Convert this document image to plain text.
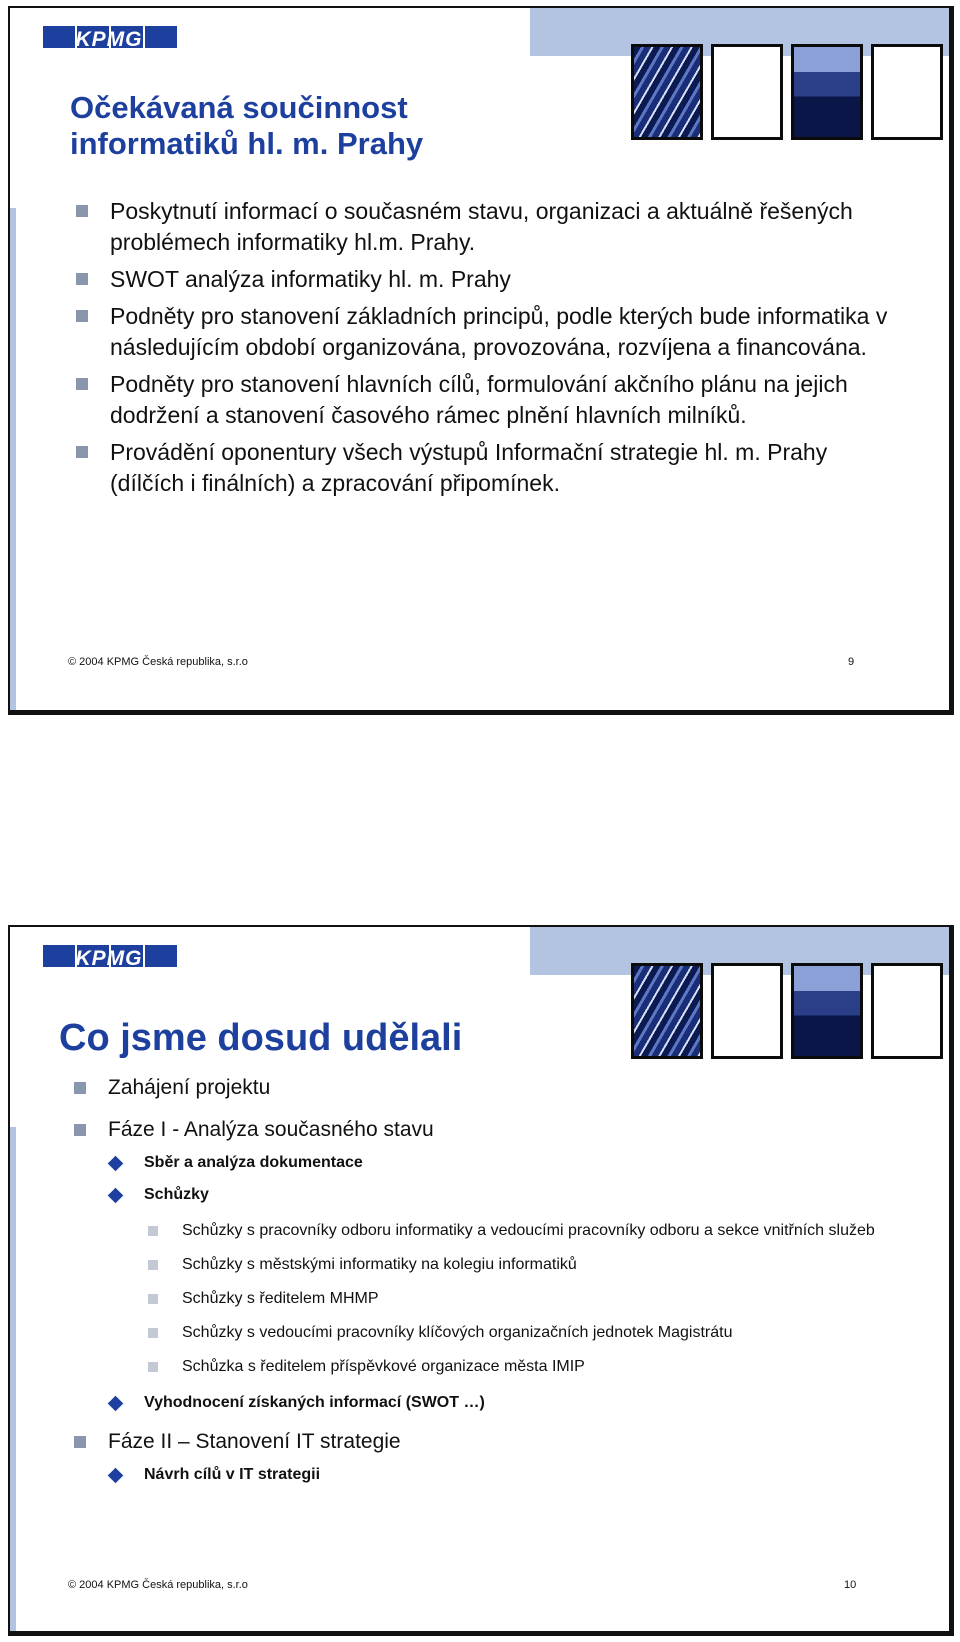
KPMG
Očekávaná součinnost informatiků hl. m. Prahy
Poskytnutí informací o současném stavu, organizaci a aktuálně řešených problémech informatiky hl.m. Prahy.
SWOT analýza informatiky hl. m. Prahy
Podněty pro stanovení základních principů, podle kterých bude informatika v následujícím období organizována, provozována, rozvíjena a financována.
Podněty pro stanovení hlavních cílů, formulování akčního plánu na jejich dodržení a stanovení časového rámec plnění hlavních milníků.
Provádění oponentury všech výstupů Informační strategie hl. m. Prahy (dílčích i finálních) a zpracování připomínek.
© 2004 KPMG Česká republika, s.r.o	9
KPMG
Co jsme dosud udělali
Zahájení projektu
Fáze I - Analýza současného stavu
Sběr a analýza dokumentace
Schůzky
Schůzky s pracovníky odboru informatiky a vedoucími pracovníky odboru a sekce vnitřních služeb
Schůzky s městskými informatiky na kolegiu informatiků
Schůzky s ředitelem MHMP
Schůzky s vedoucími pracovníky klíčových organizačních jednotek Magistrátu
Schůzka s ředitelem příspěvkové organizace města IMIP
Vyhodnocení získaných informací (SWOT …)
Fáze II – Stanovení IT strategie
Návrh cílů v IT strategii
© 2004 KPMG Česká republika, s.r.o	10
